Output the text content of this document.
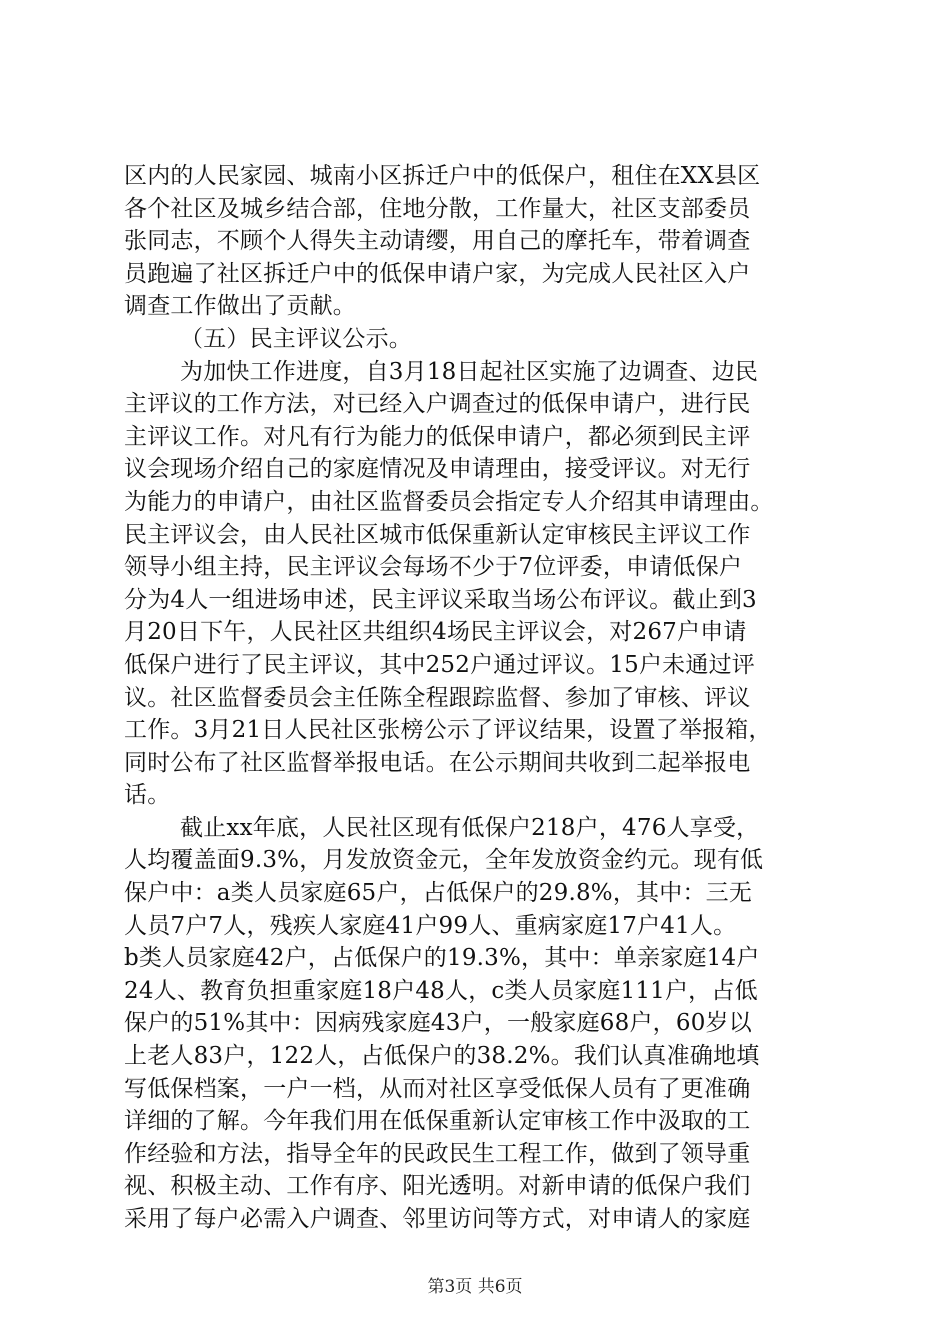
区内的人民家园、城南小区拆迁户中的低保户，租住在XX县区
各个社区及城乡结合部，住地分散，工作量大，社区支部委员
张同志，不顾个人得失主动请缨，用自己的摩托车，带着调查
员跑遍了社区拆迁户中的低保申请户家，为完成人民社区入户
调查工作做出了贡献。
（五）民主评议公示。
为加快工作进度，自3月18日起社区实施了边调查、边民
主评议的工作方法，对已经入户调查过的低保申请户，进行民
主评议工作。对凡有行为能力的低保申请户，都必须到民主评
议会现场介绍自己的家庭情况及申请理由，接受评议。对无行
为能力的申请户，由社区监督委员会指定专人介绍其申请理由。
民主评议会，由人民社区城市低保重新认定审核民主评议工作
领导小组主持，民主评议会每场不少于7位评委，申请低保户
分为4人一组进场申述，民主评议采取当场公布评议。截止到3
月20日下午，人民社区共组织4场民主评议会，对267户申请
低保户进行了民主评议，其中252户通过评议。15户未通过评
议。社区监督委员会主任陈全程跟踪监督、参加了审核、评议
工作。3月21日人民社区张榜公示了评议结果，设置了举报箱，
同时公布了社区监督举报电话。在公示期间共收到二起举报电
话。
截止xx年底，人民社区现有低保户218户，476人享受，
人均覆盖面9.3%，月发放资金元，全年发放资金约元。现有低
保户中：a类人员家庭65户，占低保户的29.8%，其中：三无
人员7户7人，残疾人家庭41户99人、重病家庭17户41人。
b类人员家庭42户，占低保户的19.3%，其中：单亲家庭14户
24人、教育负担重家庭18户48人，c类人员家庭111户，占低
保户的51%其中：因病残家庭43户，一般家庭68户，60岁以
上老人83户，122人，占低保户的38.2%。我们认真准确地填
写低保档案，一户一档，从而对社区享受低保人员有了更准确
详细的了解。今年我们用在低保重新认定审核工作中汲取的工
作经验和方法，指导全年的民政民生工程工作，做到了领导重
视、积极主动、工作有序、阳光透明。对新申请的低保户我们
采用了每户必需入户调查、邻里访问等方式，对申请人的家庭
第3页 共6页
